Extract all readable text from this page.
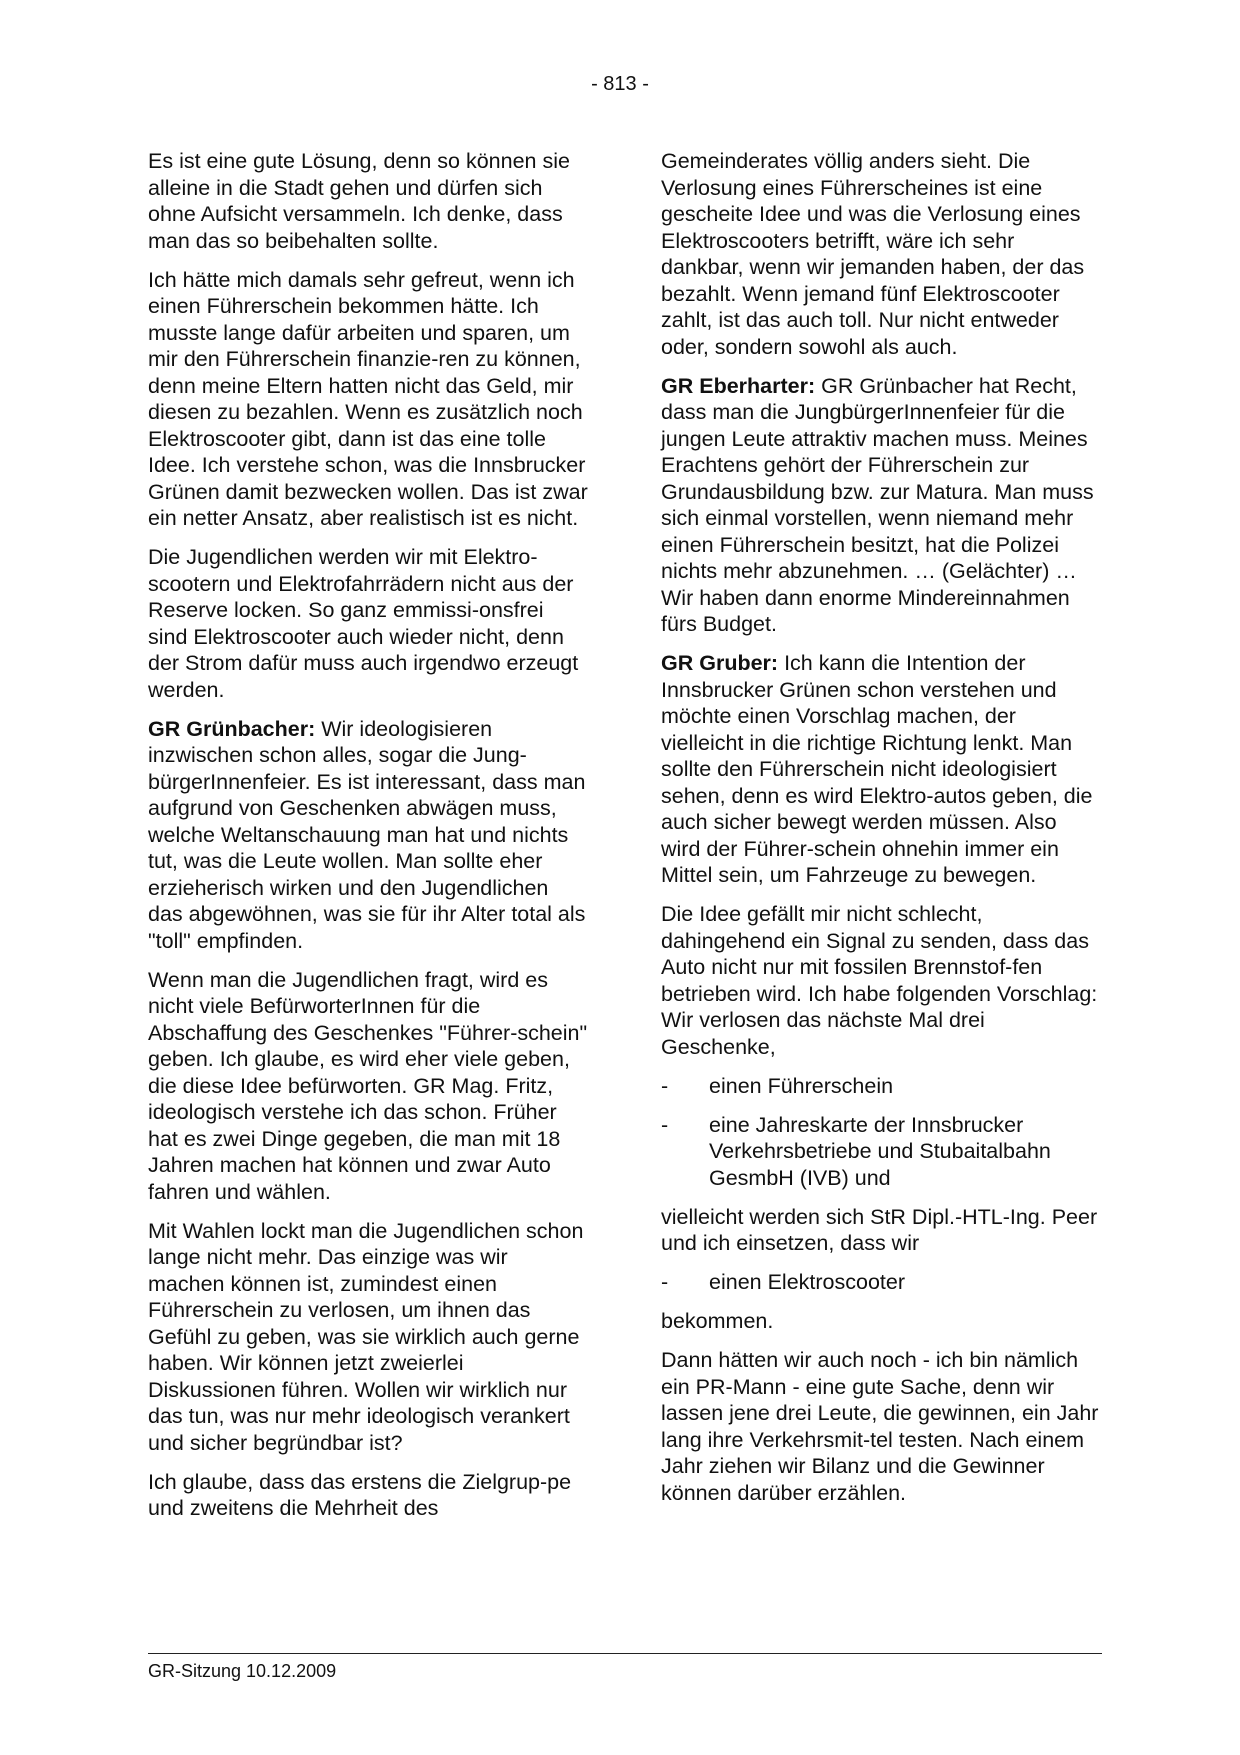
- 813 -

Es ist eine gute Lösung, denn so können sie alleine in die Stadt gehen und dürfen sich ohne Aufsicht versammeln. Ich denke, dass man das so beibehalten sollte.

Ich hätte mich damals sehr gefreut, wenn ich einen Führerschein bekommen hätte. Ich musste lange dafür arbeiten und sparen, um mir den Führerschein finanzie-ren zu können, denn meine Eltern hatten nicht das Geld, mir diesen zu bezahlen. Wenn es zusätzlich noch Elektroscooter gibt, dann ist das eine tolle Idee. Ich verstehe schon, was die Innsbrucker Grünen damit bezwecken wollen. Das ist zwar ein netter Ansatz, aber realistisch ist es nicht.

Die Jugendlichen werden wir mit Elektro-scootern und Elektrofahrrädern nicht aus der Reserve locken. So ganz emmissi-onsfrei sind Elektroscooter auch wieder nicht, denn der Strom dafür muss auch irgendwo erzeugt werden.

GR Grünbacher: Wir ideologisieren inzwischen schon alles, sogar die Jung-bürgerInnenfeier. Es ist interessant, dass man aufgrund von Geschenken abwägen muss, welche Weltanschauung man hat und nichts tut, was die Leute wollen. Man sollte eher erzieherisch wirken und den Jugendlichen das abgewöhnen, was sie für ihr Alter total als "toll" empfinden.

Wenn man die Jugendlichen fragt, wird es nicht viele BefürworterInnen für die Abschaffung des Geschenkes "Führer-schein" geben. Ich glaube, es wird eher viele geben, die diese Idee befürworten. GR Mag. Fritz, ideologisch verstehe ich das schon. Früher hat es zwei Dinge gegeben, die man mit 18 Jahren machen hat können und zwar Auto fahren und wählen.

Mit Wahlen lockt man die Jugendlichen schon lange nicht mehr. Das einzige was wir machen können ist, zumindest einen Führerschein zu verlosen, um ihnen das Gefühl zu geben, was sie wirklich auch gerne haben. Wir können jetzt zweierlei Diskussionen führen. Wollen wir wirklich nur das tun, was nur mehr ideologisch verankert und sicher begründbar ist?

Ich glaube, dass das erstens die Zielgrup-pe und zweitens die Mehrheit des

Gemeinderates völlig anders sieht. Die Verlosung eines Führerscheines ist eine gescheite Idee und was die Verlosung eines Elektroscooters betrifft, wäre ich sehr dankbar, wenn wir jemanden haben, der das bezahlt. Wenn jemand fünf Elektroscooter zahlt, ist das auch toll. Nur nicht entweder oder, sondern sowohl als auch.

GR Eberharter: GR Grünbacher hat Recht, dass man die JungbürgerInnenfeier für die jungen Leute attraktiv machen muss. Meines Erachtens gehört der Führerschein zur Grundausbildung bzw. zur Matura. Man muss sich einmal vorstellen, wenn niemand mehr einen Führerschein besitzt, hat die Polizei nichts mehr abzunehmen. … (Gelächter) … Wir haben dann enorme Mindereinnahmen fürs Budget.

GR Gruber: Ich kann die Intention der Innsbrucker Grünen schon verstehen und möchte einen Vorschlag machen, der vielleicht in die richtige Richtung lenkt. Man sollte den Führerschein nicht ideologisiert sehen, denn es wird Elektro-autos geben, die auch sicher bewegt werden müssen. Also wird der Führer-schein ohnehin immer ein Mittel sein, um Fahrzeuge zu bewegen.

Die Idee gefällt mir nicht schlecht, dahingehend ein Signal zu senden, dass das Auto nicht nur mit fossilen Brennstof-fen betrieben wird. Ich habe folgenden Vorschlag: Wir verlosen das nächste Mal drei Geschenke,

-	einen Führerschein
-	eine Jahreskarte der Innsbrucker Verkehrsbetriebe und Stubaitalbahn GesmbH (IVB) und

vielleicht werden sich StR Dipl.-HTL-Ing. Peer und ich einsetzen, dass wir

-	einen Elektroscooter

bekommen.

Dann hätten wir auch noch - ich bin nämlich ein PR-Mann - eine gute Sache, denn wir lassen jene drei Leute, die gewinnen, ein Jahr lang ihre Verkehrsmit-tel testen. Nach einem Jahr ziehen wir Bilanz und die Gewinner können darüber erzählen.

GR-Sitzung 10.12.2009
